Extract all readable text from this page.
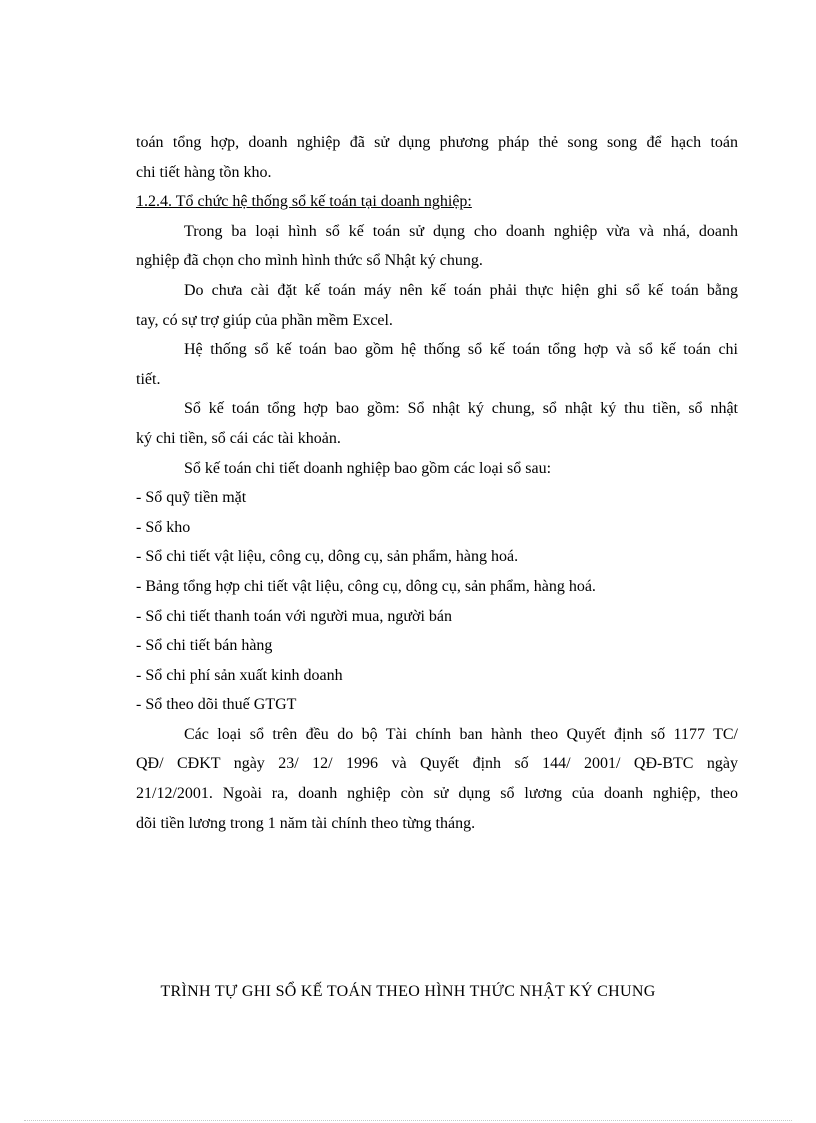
toán tổng hợp, doanh nghiệp đã sử dụng phương pháp thẻ song song để hạch toán
chi tiết hàng tồn kho.
1.2.4. Tổ chức hệ thống sổ kế toán tại doanh nghiệp:
Trong ba loại hình sổ kế toán sử dụng cho doanh nghiệp vừa và nhá, doanh
nghiệp đã chọn cho mình hình thức sổ Nhật ký chung.
Do chưa cài đặt kế toán máy nên kế toán phải thực hiện ghi sổ kế toán bằng
tay, có sự trợ giúp của phần mềm Excel.
Hệ thống sổ kế toán bao gồm hệ thống sổ kế toán tổng hợp và sổ kế toán chi
tiết.
Sổ kế toán tổng hợp bao gồm: Sổ nhật ký chung, sổ nhật ký thu tiền, sổ nhật
ký chi tiền, sổ cái các tài khoản.
Sổ kế toán chi tiết doanh nghiệp bao gồm các loại sổ sau:
- Sổ quỹ tiền mặt
- Sổ kho
- Sổ chi tiết vật liệu, công cụ, dông cụ, sản phẩm, hàng hoá.
- Bảng tổng hợp chi tiết vật liệu, công cụ, dông cụ, sản phẩm, hàng hoá.
- Sổ chi tiết thanh toán với người mua, người bán
- Sổ chi tiết bán hàng
- Sổ chi phí sản xuất kinh doanh
- Sổ theo dõi thuế GTGT
Các loại sổ trên đều do bộ Tài chính ban hành theo Quyết định số 1177 TC/
QĐ/ CĐKT ngày 23/ 12/ 1996 và Quyết định số 144/ 2001/ QĐ-BTC ngày
21/12/2001. Ngoài ra, doanh nghiệp còn sử dụng sổ lương của doanh nghiệp, theo
dõi tiền lương trong 1 năm tài chính theo từng tháng.
TRÌNH TỰ GHI SỔ KẾ TOÁN THEO HÌNH THỨC NHẬT KÝ CHUNG
